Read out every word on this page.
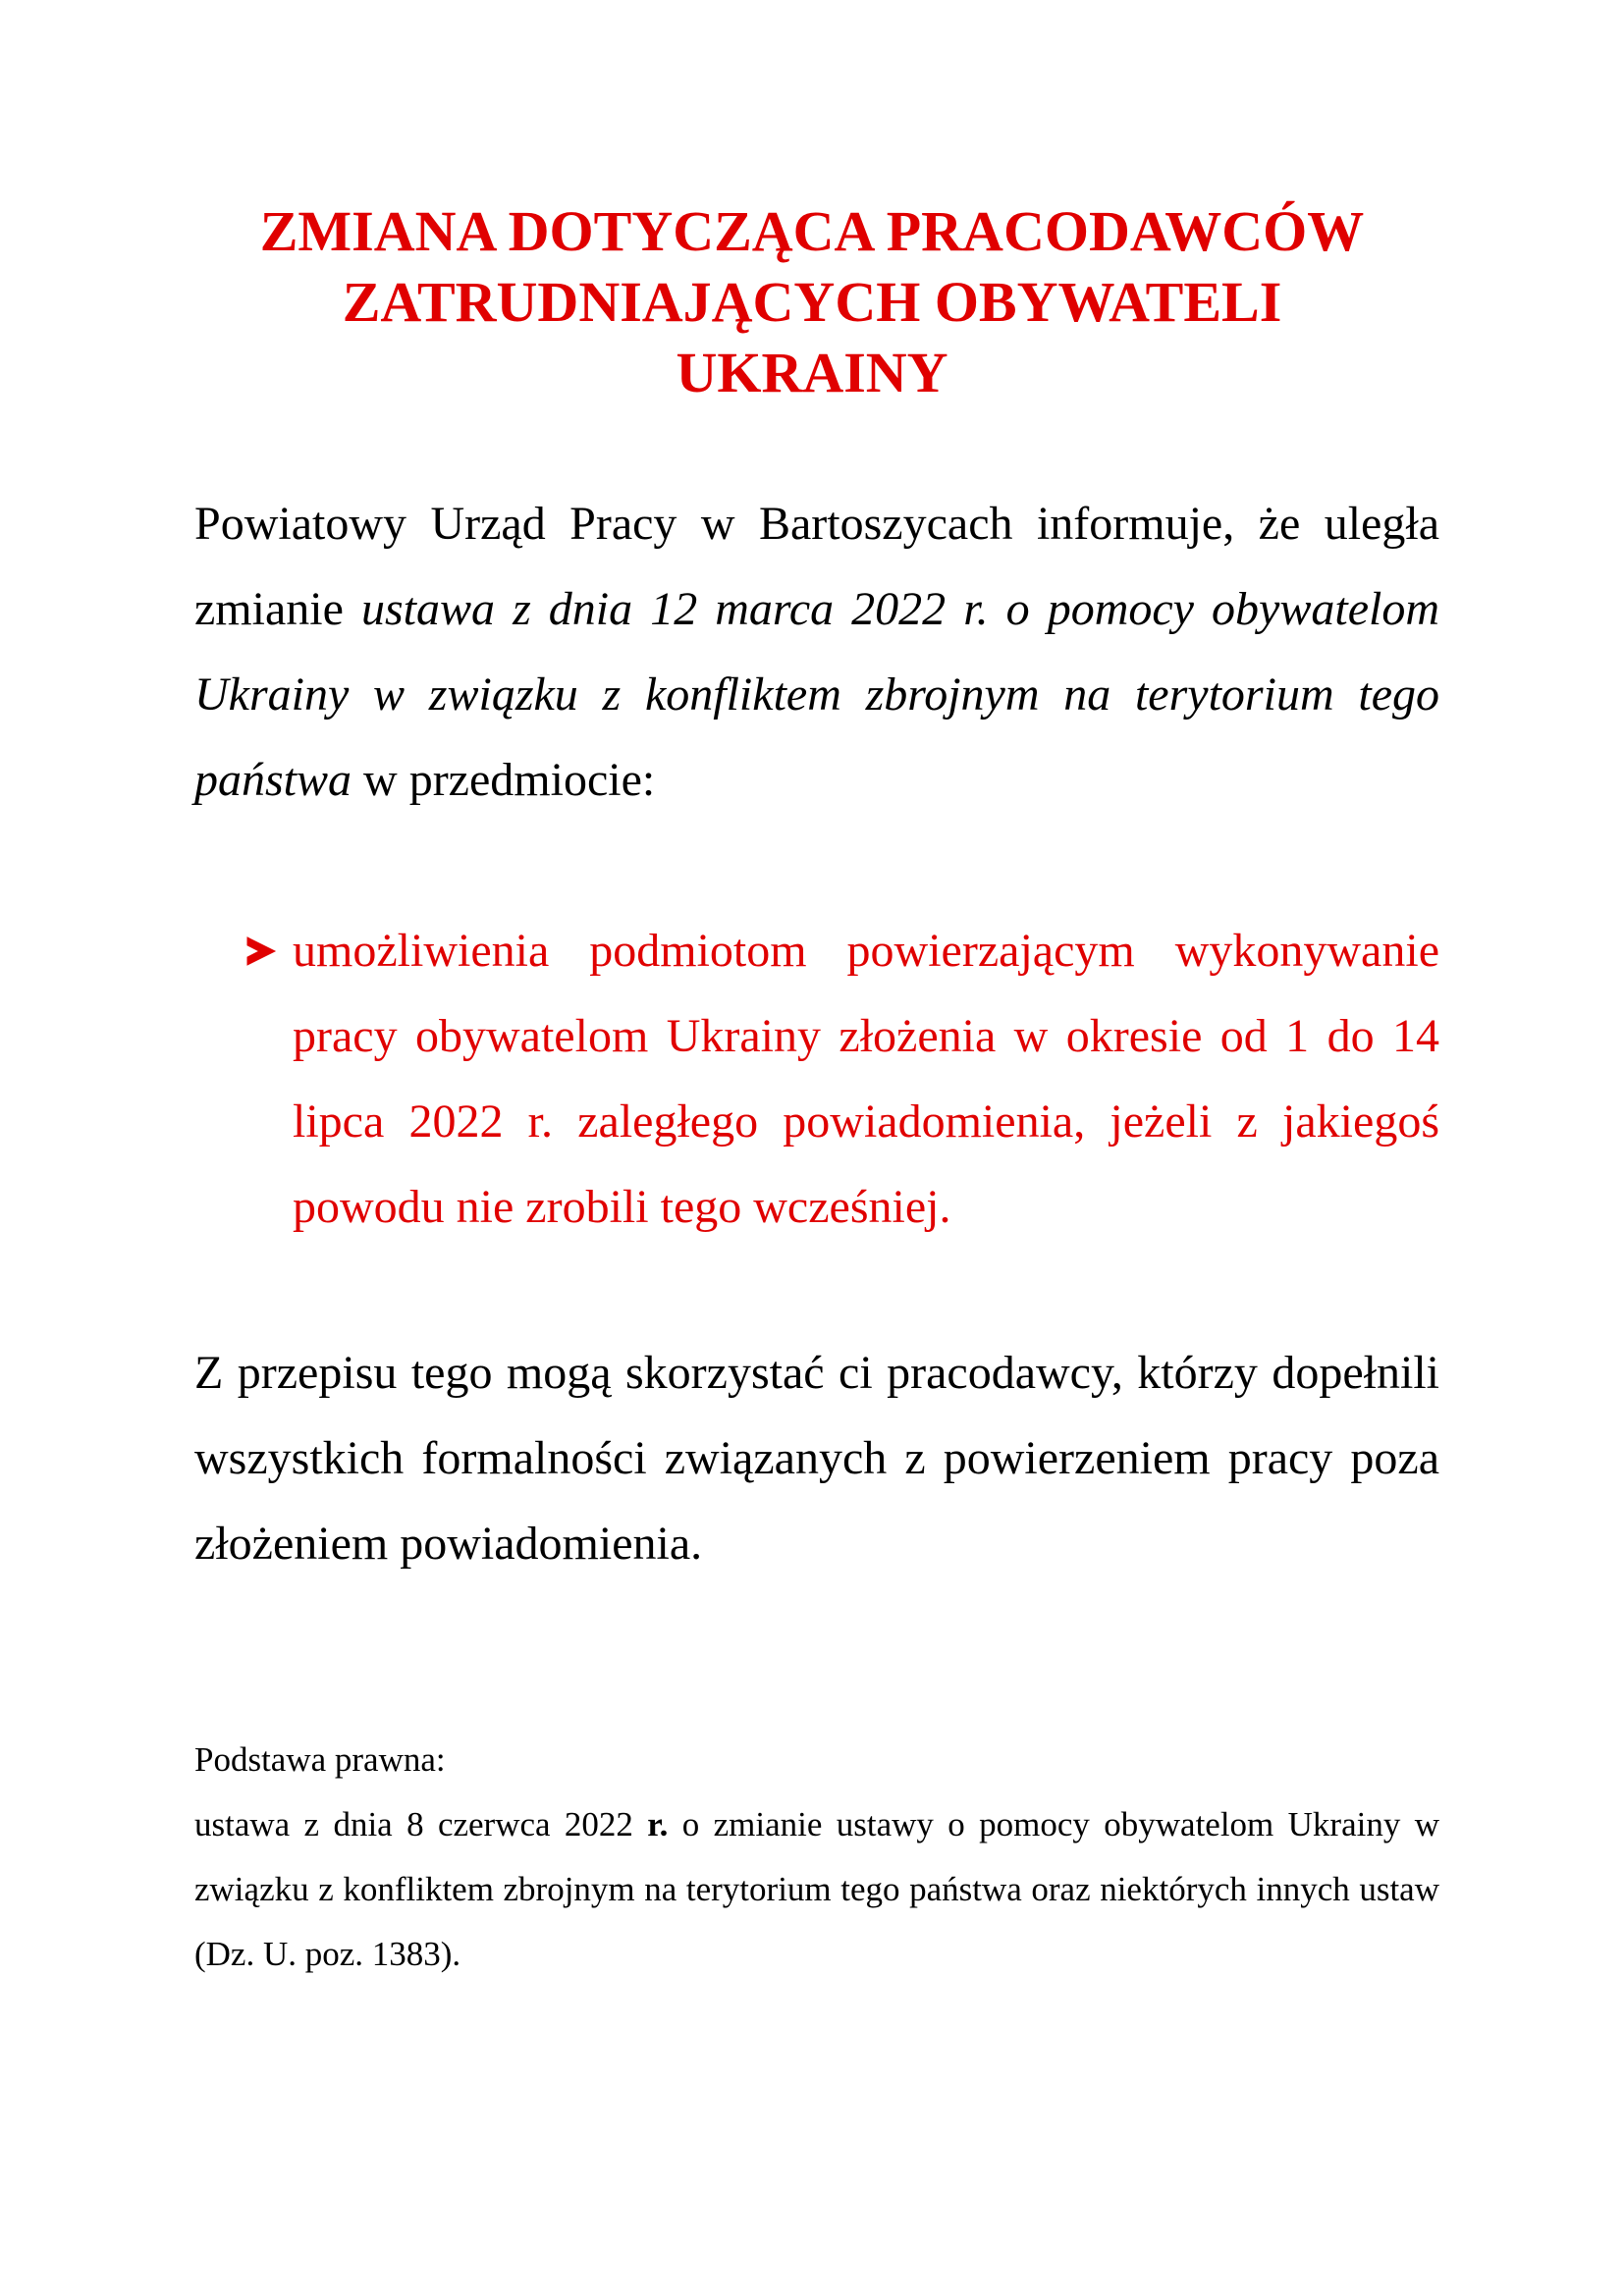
ZMIANA DOTYCZĄCA PRACODAWCÓW
ZATRUDNIAJĄCYCH OBYWATELI
UKRAINY

Powiatowy Urząd Pracy w Bartoszycach informuje, że uległa zmianie ustawa z dnia 12 marca 2022 r. o pomocy obywatelom Ukrainy w związku z konfliktem zbrojnym na terytorium tego państwa w przedmiocie:

umożliwienia podmiotom powierzającym wykonywanie pracy obywatelom Ukrainy złożenia w okresie od 1 do 14 lipca 2022 r. zaległego powiadomienia, jeżeli z jakiegoś powodu nie zrobili tego wcześniej.

Z przepisu tego mogą skorzystać ci pracodawcy, którzy dopełnili wszystkich formalności związanych z powierzeniem pracy poza złożeniem powiadomienia.

Podstawa prawna:
ustawa z dnia 8 czerwca 2022 r. o zmianie ustawy o pomocy obywatelom Ukrainy w związku z konfliktem zbrojnym na terytorium tego państwa oraz niektórych innych ustaw (Dz. U. poz. 1383).
